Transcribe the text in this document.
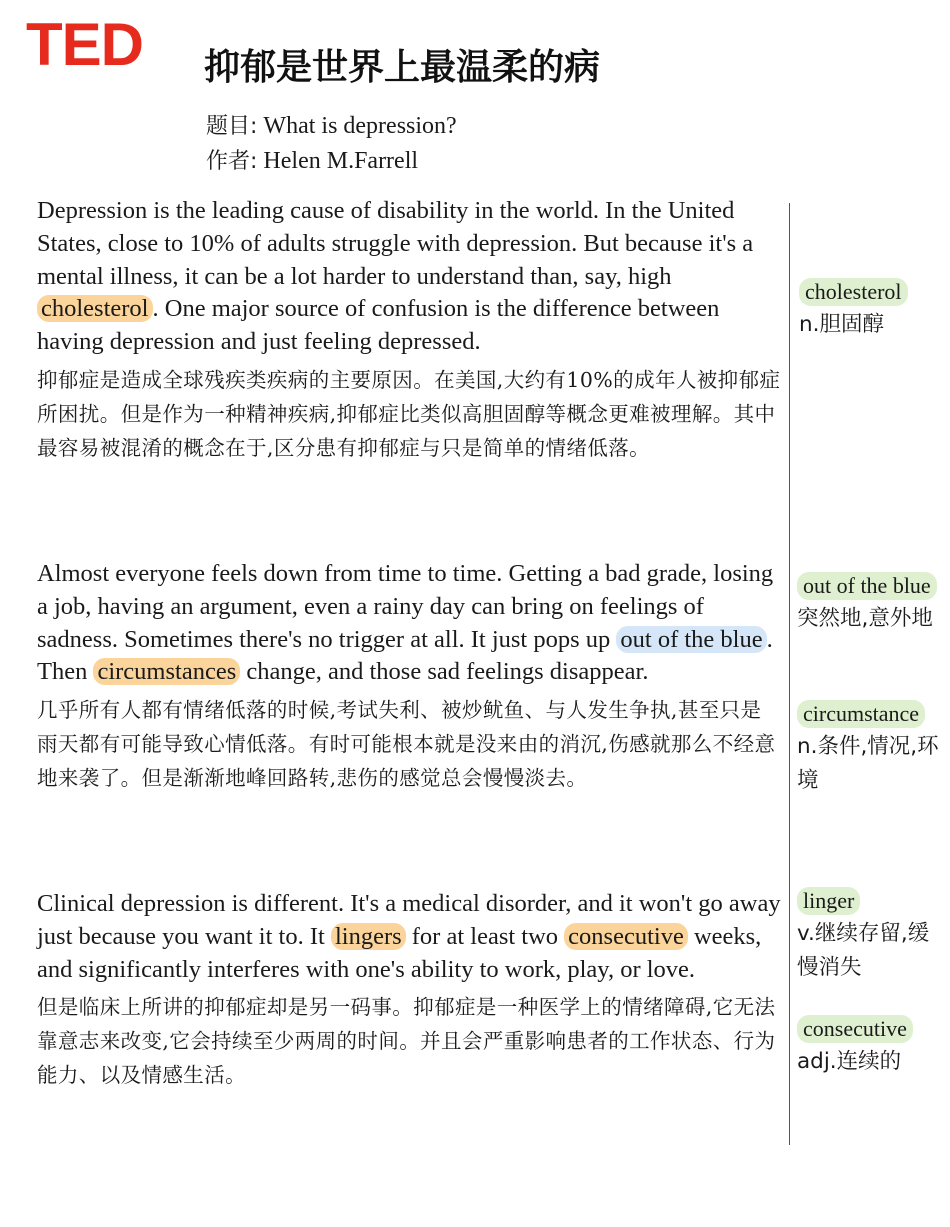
TED 抑郁是世界上最温柔的病
题目: What is depression?
作者: Helen M.Farrell

Depression is the leading cause of disability in the world. In the United States, close to 10% of adults struggle with depression. But because it's a mental illness, it can be a lot harder to understand than, say, high cholesterol . One major source of confusion is the difference between having depression and just feeling depressed.

抑郁症是造成全球残疾类疾病的主要原因。在美国,大约有10%的成年人被抑郁症所困扰。但是作为一种精神疾病,抑郁症比类似高胆固醇等概念更难被理解。其中最容易被混淆的概念在于,区分患有抑郁症与只是简单的情绪低落。

Almost everyone feels down from time to time. Getting a bad grade, losing a job, having an argument, even a rainy day can bring on feelings of sadness. Sometimes there's no trigger at all. It just pops up out of the blue . Then circumstances change, and those sad feelings disappear.

几乎所有人都有情绪低落的时候,考试失利、被炒鱿鱼、与人发生争执,甚至只是雨天都有可能导致心情低落。有时可能根本就是没来由的消沉,伤感就那么不经意地来袭了。但是渐渐地峰回路转,悲伤的感觉总会慢慢淡去。

Clinical depression is different. It's a medical disorder, and it won't go away just because you want it to. It lingers for at least two consecutive weeks, and significantly interferes with one's ability to work, play, or love.

但是临床上所讲的抑郁症却是另一码事。抑郁症是一种医学上的情绪障碍,它无法靠意志来改变,它会持续至少两周的时间。并且会严重影响患者的工作状态、行为能力、以及情感生活。

cholesterol
n.胆固醇
out of the blue
突然地,意外地
circumstance
n.条件,情况,环境
linger
v.继续存留,缓慢消失
consecutive
adj.连续的
